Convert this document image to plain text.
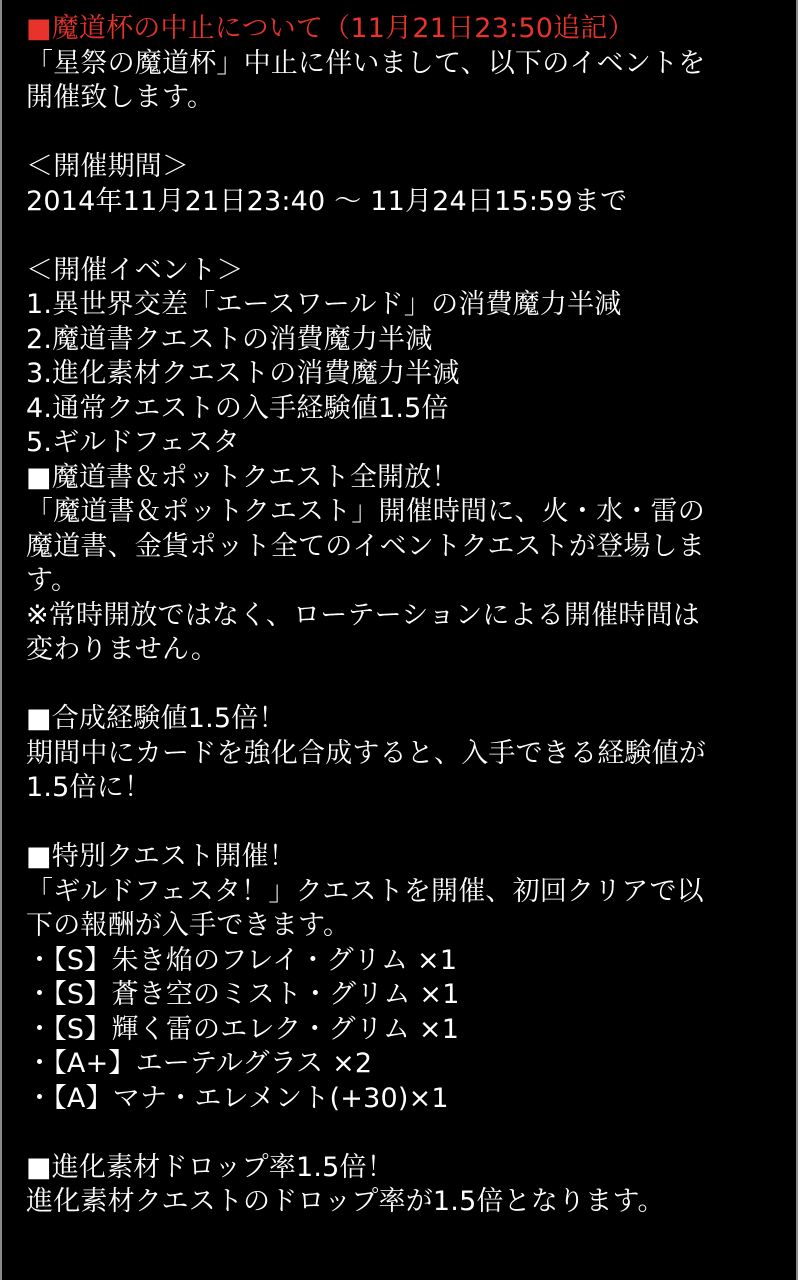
■魔道杯の中止について（11月21日23:50追記）
「星祭の魔道杯」中止に伴いまして、以下のイベントを
開催致します。
＜開催期間＞
2014年11月21日23:40 〜 11月24日15:59まで
＜開催イベント＞
1.異世界交差「エースワールド」の消費魔力半減
2.魔道書クエストの消費魔力半減
3.進化素材クエストの消費魔力半減
4.通常クエストの入手経験値1.5倍
5.ギルドフェスタ
■魔道書＆ポットクエスト全開放！
「魔道書＆ポットクエスト」開催時間に、火・水・雷の
魔道書、金貨ポット全てのイベントクエストが登場しま
す。
※常時開放ではなく、ローテーションによる開催時間は
変わりません。
■合成経験値1.5倍！
期間中にカードを強化合成すると、入手できる経験値が
1.5倍に！
■特別クエスト開催！
「ギルドフェスタ！」クエストを開催、初回クリアで以
下の報酬が入手できます。
・【S】朱き焔のフレイ・グリム ×1
・【S】蒼き空のミスト・グリム ×1
・【S】輝く雷のエレク・グリム ×1
・【A+】エーテルグラス ×2
・【A】マナ・エレメント(+30)×1
■進化素材ドロップ率1.5倍！
進化素材クエストのドロップ率が1.5倍となります。
